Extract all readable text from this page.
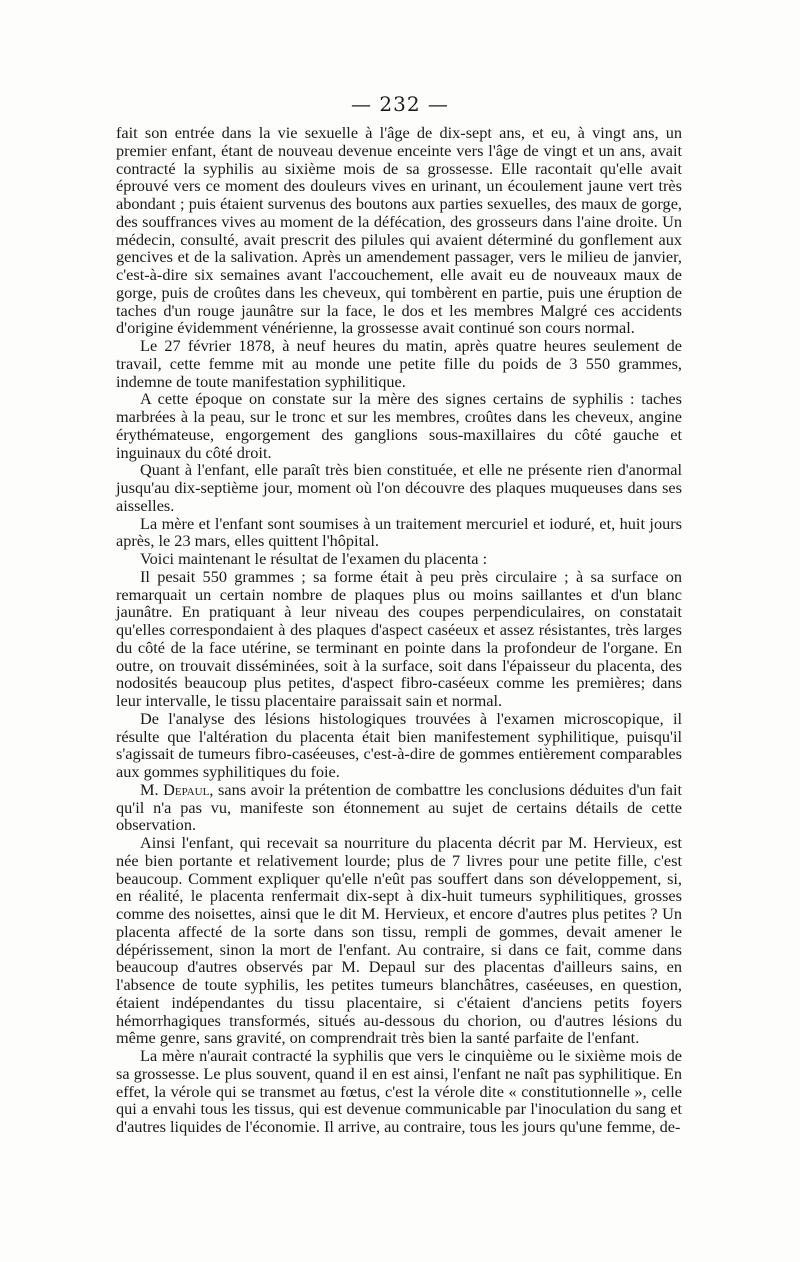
— 232 —

fait son entrée dans la vie sexuelle à l'âge de dix-sept ans, et eu, à vingt ans, un premier enfant, étant de nouveau devenue enceinte vers l'âge de vingt et un ans, avait contracté la syphilis au sixième mois de sa grossesse. Elle racontait qu'elle avait éprouvé vers ce moment des douleurs vives en urinant, un écoulement jaune vert très abondant ; puis étaient survenus des boutons aux parties sexuelles, des maux de gorge, des souffrances vives au moment de la défécation, des grosseurs dans l'aine droite. Un médecin, consulté, avait prescrit des pilules qui avaient déterminé du gonflement aux gencives et de la salivation. Après un amendement passager, vers le milieu de janvier, c'est-à-dire six semaines avant l'accouchement, elle avait eu de nouveaux maux de gorge, puis de croûtes dans les cheveux, qui tombèrent en partie, puis une éruption de taches d'un rouge jaunâtre sur la face, le dos et les membres Malgré ces accidents d'origine évidemment vénérienne, la grossesse avait continué son cours normal.

Le 27 février 1878, à neuf heures du matin, après quatre heures seulement de travail, cette femme mit au monde une petite fille du poids de 3 550 grammes, indemne de toute manifestation syphilitique.

A cette époque on constate sur la mère des signes certains de syphilis : taches marbrées à la peau, sur le tronc et sur les membres, croûtes dans les cheveux, angine érythémateuse, engorgement des ganglions sous-maxillaires du côté gauche et inguinaux du côté droit.

Quant à l'enfant, elle paraît très bien constituée, et elle ne présente rien d'anormal jusqu'au dix-septième jour, moment où l'on découvre des plaques muqueuses dans ses aisselles.

La mère et l'enfant sont soumises à un traitement mercuriel et ioduré, et, huit jours après, le 23 mars, elles quittent l'hôpital.

Voici maintenant le résultat de l'examen du placenta :

Il pesait 550 grammes ; sa forme était à peu près circulaire ; à sa surface on remarquait un certain nombre de plaques plus ou moins saillantes et d'un blanc jaunâtre. En pratiquant à leur niveau des coupes perpendiculaires, on constatait qu'elles correspondaient à des plaques d'aspect caséeux et assez résistantes, très larges du côté de la face utérine, se terminant en pointe dans la profondeur de l'organe. En outre, on trouvait disséminées, soit à la surface, soit dans l'épaisseur du placenta, des nodosités beaucoup plus petites, d'aspect fibro-caséeux comme les premières; dans leur intervalle, le tissu placentaire paraissait sain et normal.

De l'analyse des lésions histologiques trouvées à l'examen microscopique, il résulte que l'altération du placenta était bien manifestement syphilitique, puisqu'il s'agissait de tumeurs fibro-caséeuses, c'est-à-dire de gommes entièrement comparables aux gommes syphilitiques du foie.

M. Depaul, sans avoir la prétention de combattre les conclusions déduites d'un fait qu'il n'a pas vu, manifeste son étonnement au sujet de certains détails de cette observation.

Ainsi l'enfant, qui recevait sa nourriture du placenta décrit par M. Hervieux, est née bien portante et relativement lourde; plus de 7 livres pour une petite fille, c'est beaucoup. Comment expliquer qu'elle n'eût pas souffert dans son développement, si, en réalité, le placenta renfermait dix-sept à dix-huit tumeurs syphilitiques, grosses comme des noisettes, ainsi que le dit M. Hervieux, et encore d'autres plus petites ? Un placenta affecté de la sorte dans son tissu, rempli de gommes, devait amener le dépérissement, sinon la mort de l'enfant. Au contraire, si dans ce fait, comme dans beaucoup d'autres observés par M. Depaul sur des placentas d'ailleurs sains, en l'absence de toute syphilis, les petites tumeurs blanchâtres, caséeuses, en question, étaient indépendantes du tissu placentaire, si c'étaient d'anciens petits foyers hémorrhagiques transformés, situés au-dessous du chorion, ou d'autres lésions du même genre, sans gravité, on comprendrait très bien la santé parfaite de l'enfant.

La mère n'aurait contracté la syphilis que vers le cinquième ou le sixième mois de sa grossesse. Le plus souvent, quand il en est ainsi, l'enfant ne naît pas syphilitique. En effet, la vérole qui se transmet au fœtus, c'est la vérole dite « constitutionnelle », celle qui a envahi tous les tissus, qui est devenue communicable par l'inoculation du sang et d'autres liquides de l'économie. Il arrive, au contraire, tous les jours qu'une femme, de-
